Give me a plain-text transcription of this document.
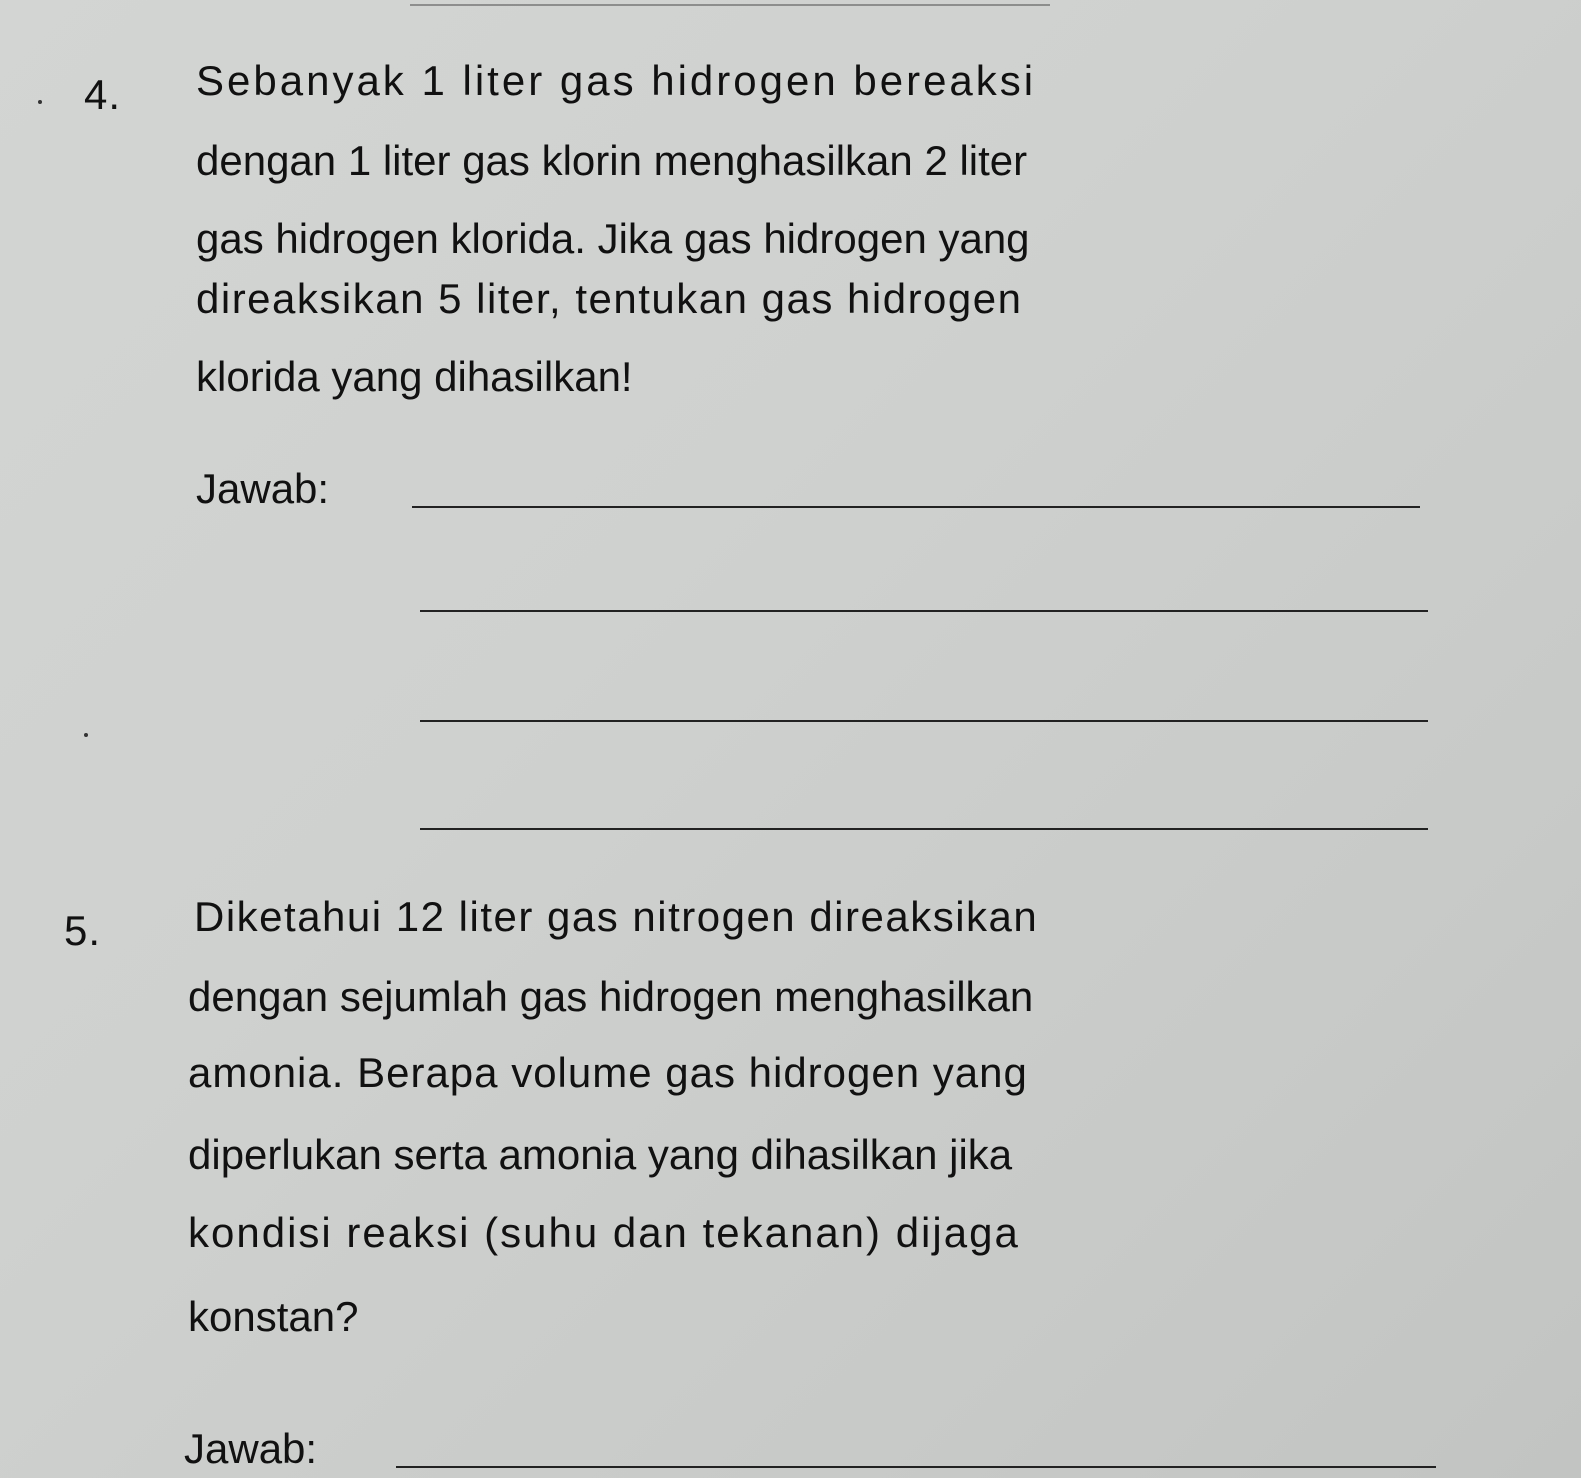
4. Sebanyak 1 liter gas hidrogen bereaksi
dengan 1 liter gas klorin menghasilkan 2 liter
gas hidrogen klorida. Jika gas hidrogen yang
direaksikan 5 liter, tentukan gas hidrogen
klorida yang dihasilkan!
Jawab:
5. Diketahui 12 liter gas nitrogen direaksikan
dengan sejumlah gas hidrogen menghasilkan
amonia. Berapa volume gas hidrogen yang
diperlukan serta amonia yang dihasilkan jika
kondisi reaksi (suhu dan tekanan) dijaga
konstan?
Jawab:
